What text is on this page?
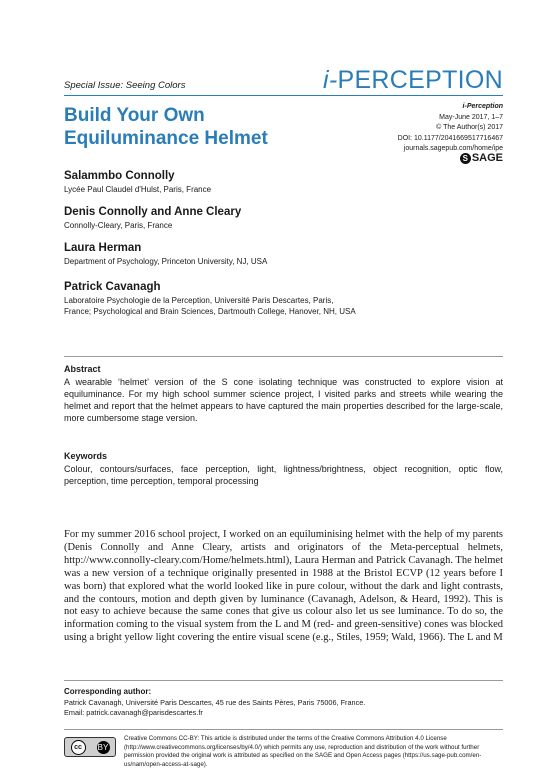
Special Issue: Seeing Colors	i-PERCEPTION
Build Your Own Equiluminance Helmet
i-Perception
May-June 2017, 1–7
© The Author(s) 2017
DOI: 10.1177/2041669517716467
journals.sagepub.com/home/ipe
S SAGE
Salammbo Connolly
Lycée Paul Claudel d'Hulst, Paris, France
Denis Connolly and Anne Cleary
Connolly-Cleary, Paris, France
Laura Herman
Department of Psychology, Princeton University, NJ, USA
Patrick Cavanagh
Laboratoire Psychologie de la Perception, Université Paris Descartes, Paris, France; Psychological and Brain Sciences, Dartmouth College, Hanover, NH, USA
Abstract
A wearable ‘helmet’ version of the S cone isolating technique was constructed to explore vision at equiluminance. For my high school summer science project, I visited parks and streets while wearing the helmet and report that the helmet appears to have captured the main properties described for the large-scale, more cumbersome stage version.
Keywords
Colour, contours/surfaces, face perception, light, lightness/brightness, object recognition, optic flow, perception, time perception, temporal processing
For my summer 2016 school project, I worked on an equiluminising helmet with the help of my parents (Denis Connolly and Anne Cleary, artists and originators of the Meta-perceptual helmets, http://www.connolly-cleary.com/Home/helmets.html), Laura Herman and Patrick Cavanagh. The helmet was a new version of a technique originally presented in 1988 at the Bristol ECVP (12 years before I was born) that explored what the world looked like in pure colour, without the dark and light contrasts, and the contours, motion and depth given by luminance (Cavanagh, Adelson, & Heard, 1992). This is not easy to achieve because the same cones that give us colour also let us see luminance. To do so, the information coming to the visual system from the L and M (red- and green-sensitive) cones was blocked using a bright yellow light covering the entire visual scene (e.g., Stiles, 1959; Wald, 1966). The L and M
Corresponding author:
Patrick Cavanagh, Université Paris Descartes, 45 rue des Saints Pères, Paris 75006, France.
Email: patrick.cavanagh@parisdescartes.fr
cc	BY
Creative Commons CC-BY: This article is distributed under the terms of the Creative Commons Attribution 4.0 License (http://www.creativecommons.org/licenses/by/4.0/) which permits any use, reproduction and distribution of the work without further permission provided the original work is attributed as specified on the SAGE and Open Access pages (https://us.sage-pub.com/en-us/nam/open-access-at-sage).
